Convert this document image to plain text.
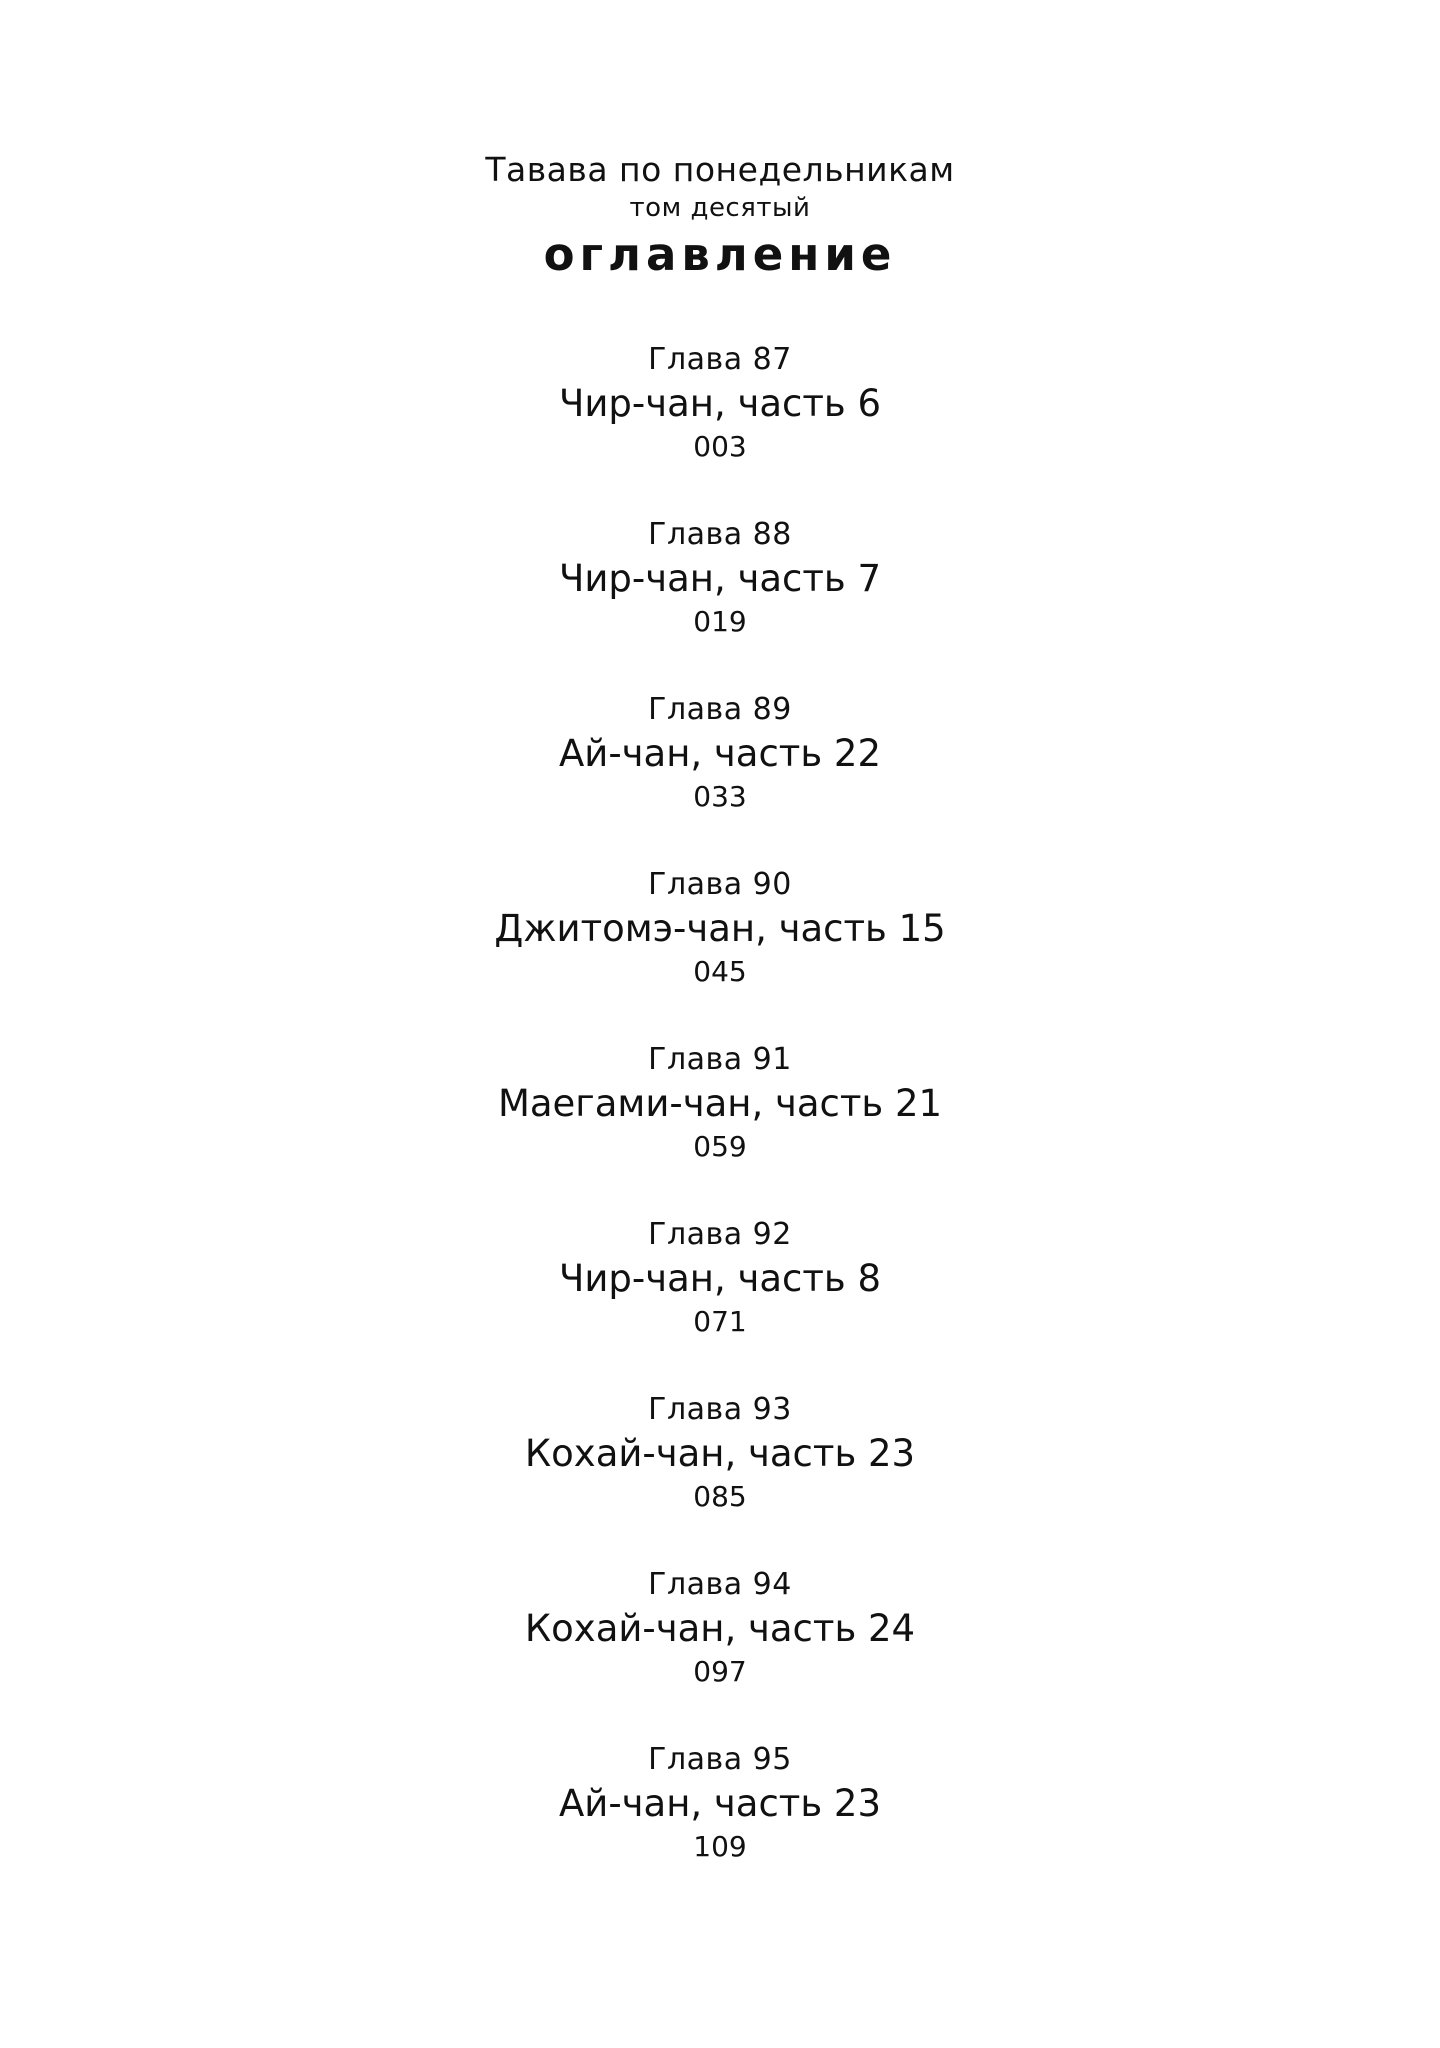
Тавава по понедельникам
том десятый
оглавление
Глава 87
Чир-чан, часть 6
003
Глава 88
Чир-чан, часть 7
019
Глава 89
Ай-чан, часть 22
033
Глава 90
Джитомэ-чан, часть 15
045
Глава 91
Маегами-чан, часть 21
059
Глава 92
Чир-чан, часть 8
071
Глава 93
Кохай-чан, часть 23
085
Глава 94
Кохай-чан, часть 24
097
Глава 95
Ай-чан, часть 23
109
